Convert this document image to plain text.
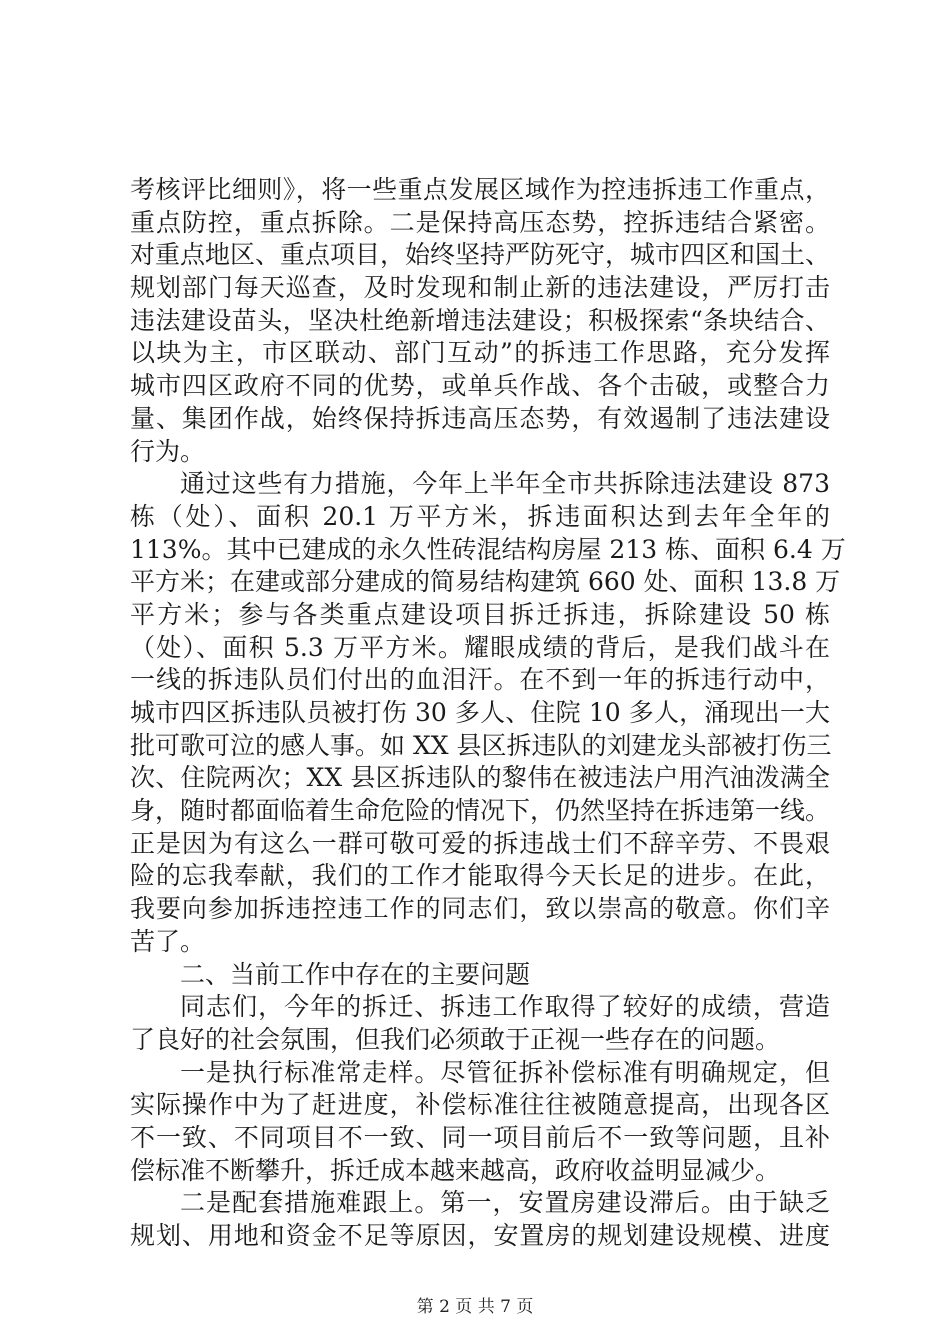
考核评比细则》，将一些重点发展区域作为控违拆违工作重点，
重点防控，重点拆除。二是保持高压态势，控拆违结合紧密。
对重点地区、重点项目，始终坚持严防死守，城市四区和国土、
规划部门每天巡查，及时发现和制止新的违法建设，严厉打击
违法建设苗头，坚决杜绝新增违法建设；积极探索“条块结合、
以块为主，市区联动、部门互动”的拆违工作思路，充分发挥
城市四区政府不同的优势，或单兵作战、各个击破，或整合力
量、集团作战，始终保持拆违高压态势，有效遏制了违法建设
行为。
通过这些有力措施，今年上半年全市共拆除违法建设 873
栋（处）、面积 20.1 万平方米，拆违面积达到去年全年的
113%。其中已建成的永久性砖混结构房屋 213 栋、面积 6.4 万
平方米；在建或部分建成的简易结构建筑 660 处、面积 13.8 万
平方米；参与各类重点建设项目拆迁拆违，拆除建设 50 栋
（处）、面积 5.3 万平方米。耀眼成绩的背后，是我们战斗在
一线的拆违队员们付出的血泪汗。在不到一年的拆违行动中，
城市四区拆违队员被打伤 30 多人、住院 10 多人，涌现出一大
批可歌可泣的感人事。如 XX 县区拆违队的刘建龙头部被打伤三
次、住院两次；XX 县区拆违队的黎伟在被违法户用汽油泼满全
身，随时都面临着生命危险的情况下，仍然坚持在拆违第一线。
正是因为有这么一群可敬可爱的拆违战士们不辞辛劳、不畏艰
险的忘我奉献，我们的工作才能取得今天长足的进步。在此，
我要向参加拆违控违工作的同志们，致以崇高的敬意。你们辛
苦了。
二、当前工作中存在的主要问题
同志们，今年的拆迁、拆违工作取得了较好的成绩，营造
了良好的社会氛围，但我们必须敢于正视一些存在的问题。
一是执行标准常走样。尽管征拆补偿标准有明确规定，但
实际操作中为了赶进度，补偿标准往往被随意提高，出现各区
不一致、不同项目不一致、同一项目前后不一致等问题，且补
偿标准不断攀升，拆迁成本越来越高，政府收益明显减少。
二是配套措施难跟上。第一，安置房建设滞后。由于缺乏
规划、用地和资金不足等原因，安置房的规划建设规模、进度
第 2 页 共 7 页
